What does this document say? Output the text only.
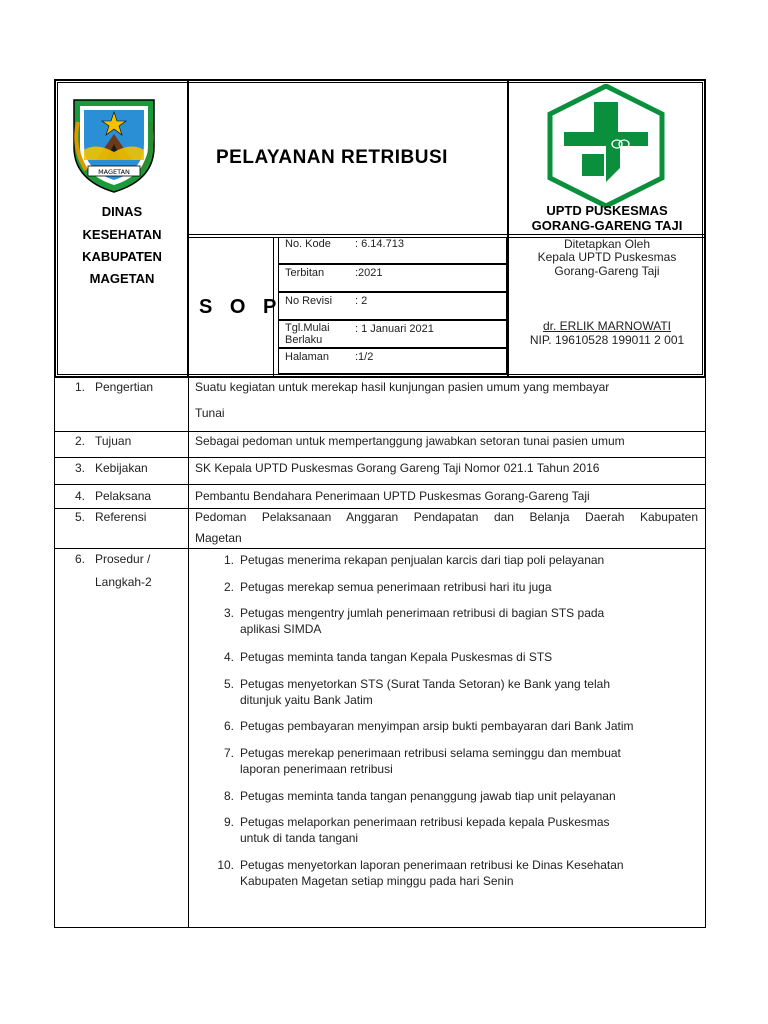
MAGETAN
DINAS
KESEHATAN
KABUPATEN
MAGETAN
PELAYANAN RETRIBUSI
UPTD PUSKESMAS
GORANG-GARENG TAJI
S O P
No. Kode : 6.14.713
Terbitan	:2021
No Revisi : 2
Tgl.Mulai
Berlaku
: 1 Januari 2021
Halaman :1/2
Ditetapkan Oleh
Kepala UPTD Puskesmas
Gorang-Gareng Taji
dr. ERLIK MARNOWATI
NIP. 19610528 199011 2 001
1. Pengertian	Suatu kegiatan untuk merekap hasil kunjungan pasien umum yang membayar
Tunai
2. Tujuan	Sebagai pedoman untuk mempertanggung jawabkan setoran tunai pasien umum
3. Kebijakan	SK Kepala UPTD Puskesmas Gorang Gareng Taji Nomor 021.1 Tahun 2016
4. Pelaksana	Pembantu Bendahara Penerimaan UPTD Puskesmas Gorang-Gareng Taji
5. Referensi	Pedoman Pelaksanaan Anggaran Pendapatan dan Belanja Daerah Kabupaten
Magetan
6. Prosedur /
Langkah-2
1. Petugas menerima rekapan penjualan karcis dari tiap poli pelayanan
2. Petugas merekap semua penerimaan retribusi hari itu juga
3. Petugas mengentry jumlah penerimaan retribusi di bagian STS pada
aplikasi SIMDA
4. Petugas meminta tanda tangan Kepala Puskesmas di STS
5. Petugas menyetorkan STS (Surat Tanda Setoran) ke Bank yang telah
ditunjuk yaitu Bank Jatim
6. Petugas pembayaran menyimpan arsip bukti pembayaran dari Bank Jatim
7. Petugas merekap penerimaan retribusi selama seminggu dan membuat
laporan penerimaan retribusi
8. Petugas meminta tanda tangan penanggung jawab tiap unit pelayanan
9. Petugas melaporkan penerimaan retribusi kepada kepala Puskesmas
untuk di tanda tangani
10. Petugas menyetorkan laporan penerimaan retribusi ke Dinas Kesehatan
Kabupaten Magetan setiap minggu pada hari Senin
